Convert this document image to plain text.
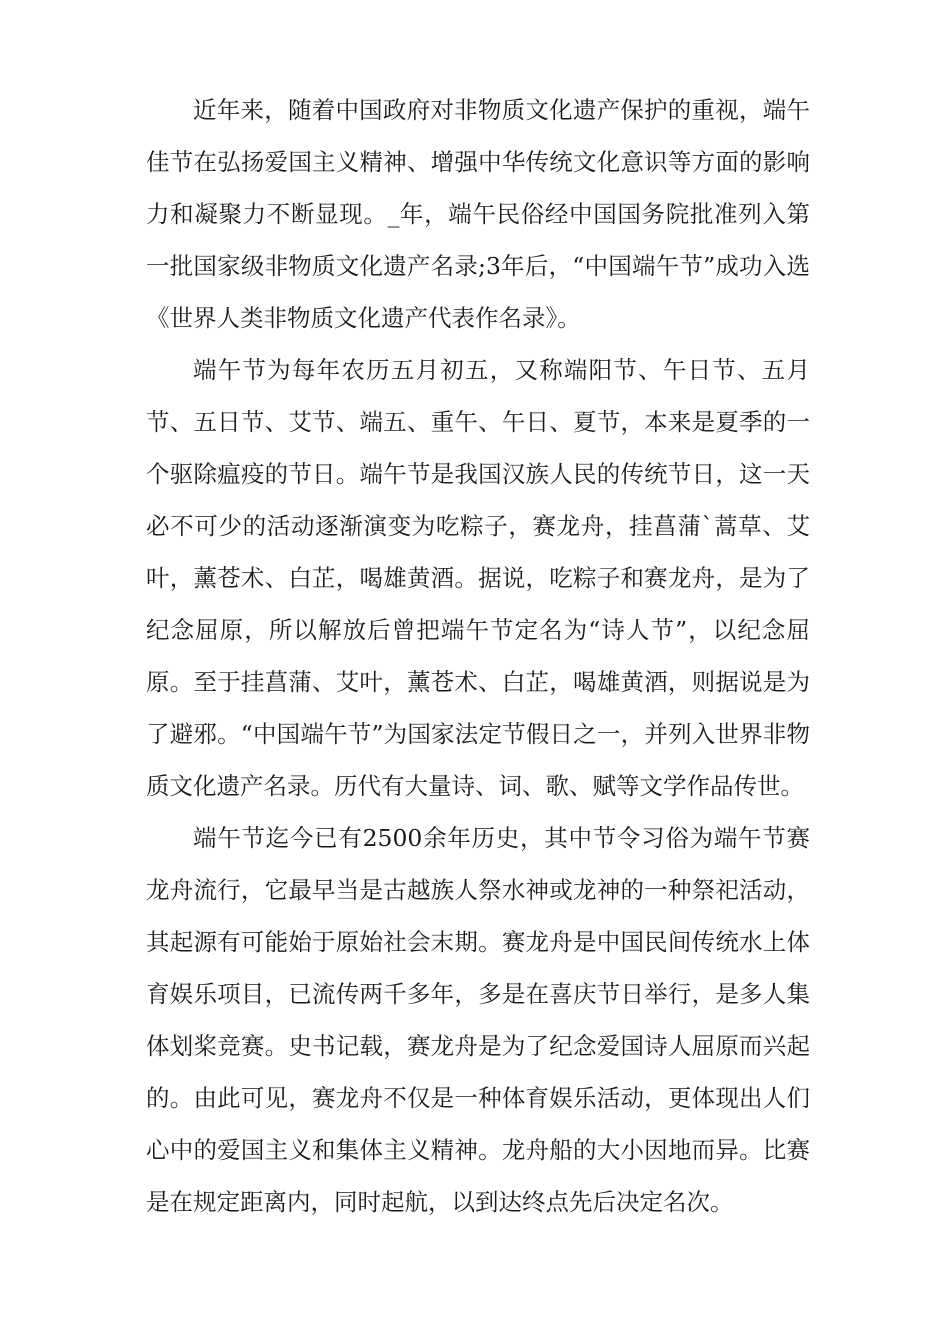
近年来，随着中国政府对非物质文化遗产保护的重视，端午佳节在弘扬爱国主义精神、增强中华传统文化意识等方面的影响力和凝聚力不断显现。_年，端午民俗经中国国务院批准列入第一批国家级非物质文化遗产名录;3年后，“中国端午节”成功入选《世界人类非物质文化遗产代表作名录》。

端午节为每年农历五月初五，又称端阳节、午日节、五月节、五日节、艾节、端五、重午、午日、夏节，本来是夏季的一个驱除瘟疫的节日。端午节是我国汉族人民的传统节日，这一天必不可少的活动逐渐演变为吃粽子，赛龙舟，挂菖蒲`蒿草、艾叶，薰苍术、白芷，喝雄黄酒。据说，吃粽子和赛龙舟，是为了纪念屈原，所以解放后曾把端午节定名为“诗人节”，以纪念屈原。至于挂菖蒲、艾叶，薰苍术、白芷，喝雄黄酒，则据说是为了避邪。“中国端午节”为国家法定节假日之一，并列入世界非物质文化遗产名录。历代有大量诗、词、歌、赋等文学作品传世。

端午节迄今已有2500余年历史，其中节令习俗为端午节赛龙舟流行，它最早当是古越族人祭水神或龙神的一种祭祀活动，其起源有可能始于原始社会末期。赛龙舟是中国民间传统水上体育娱乐项目，已流传两千多年，多是在喜庆节日举行，是多人集体划桨竞赛。史书记载，赛龙舟是为了纪念爱国诗人屈原而兴起的。由此可见，赛龙舟不仅是一种体育娱乐活动，更体现出人们心中的爱国主义和集体主义精神。龙舟船的大小因地而异。比赛是在规定距离内，同时起航，以到达终点先后决定名次。
